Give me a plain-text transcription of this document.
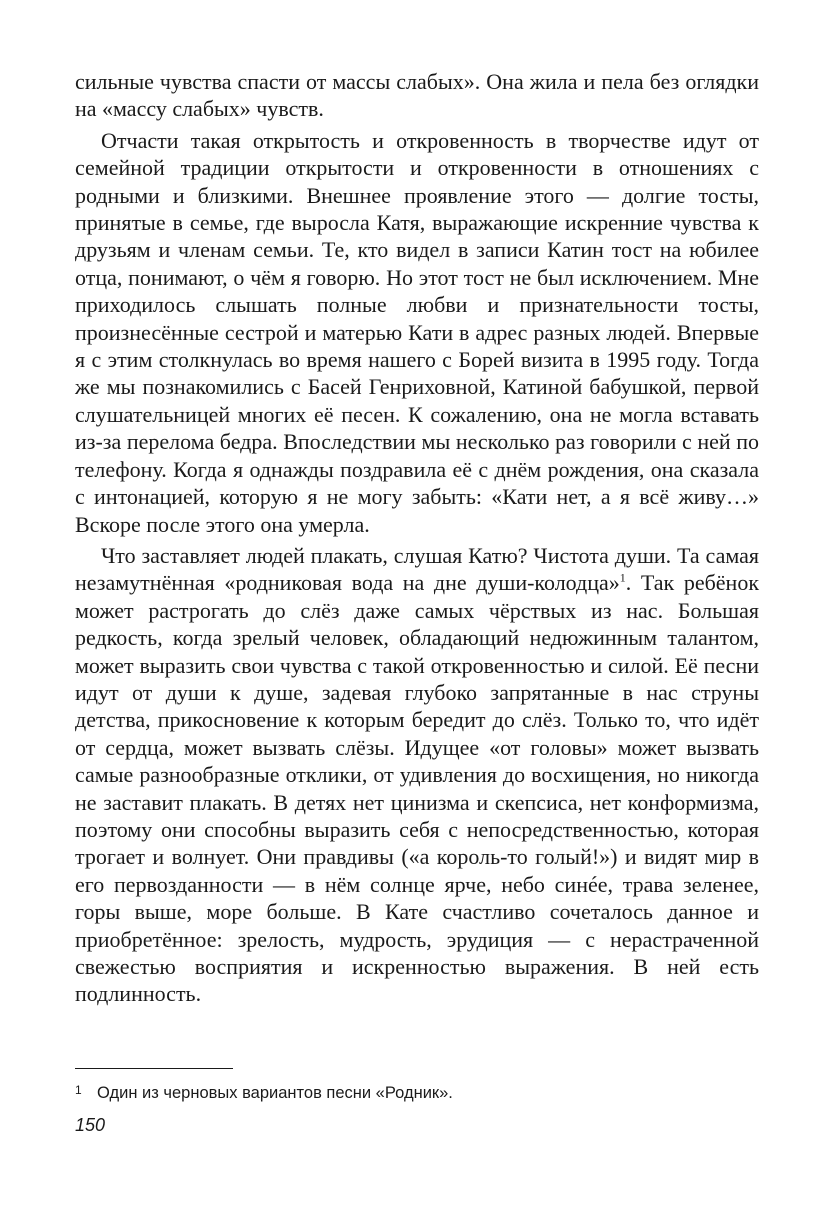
сильные чувства спасти от массы слабых». Она жила и пела без оглядки на «массу слабых» чувств.

Отчасти такая открытость и откровенность в творчестве идут от семейной традиции открытости и откровенности в отношениях с родными и близкими. Внешнее проявление этого — долгие тосты, принятые в семье, где выросла Катя, выражающие искренние чувства к друзьям и членам семьи. Те, кто видел в записи Катин тост на юбилее отца, понимают, о чём я говорю. Но этот тост не был исключением. Мне приходилось слышать полные любви и признательности тосты, произнесённые сестрой и матерью Кати в адрес разных людей. Впервые я с этим столкнулась во время нашего с Борей визита в 1995 году. Тогда же мы познакомились с Басей Генриховной, Катиной бабушкой, первой слушательницей многих её песен. К сожалению, она не могла вставать из-за перелома бедра. Впоследствии мы несколько раз говорили с ней по телефону. Когда я однажды поздравила её с днём рождения, она сказала с интонацией, которую я не могу забыть: «Кати нет, а я всё живу…» Вскоре после этого она умерла.

Что заставляет людей плакать, слушая Катю? Чистота души. Та самая незамутнённая «родниковая вода на дне души-колодца»$^1$. Так ребёнок может растрогать до слёз даже самых чёрствых из нас. Большая редкость, когда зрелый человек, обладающий недюжинным талантом, может выразить свои чувства с такой откровенностью и силой. Её песни идут от души к душе, задевая глубоко запрятанные в нас струны детства, прикосновение к которым бередит до слёз. Только то, что идёт от сердца, может вызвать слёзы. Идущее «от головы» может вызвать самые разнообразные отклики, от удивления до восхищения, но никогда не заставит плакать. В детях нет цинизма и скепсиса, нет конформизма, поэтому они способны выразить себя с непосредственностью, которая трогает и волнует. Они правдивы («а король-то голый!») и видят мир в его первозданности — в нём солнце ярче, небо синéе, трава зеленее, горы выше, море больше. В Кате счастливо сочеталось данное и приобретённое: зрелость, мудрость, эрудиция — с нерастраченной свежестью восприятия и искренностью выражения. В ней есть подлинность.

1 Один из черновых вариантов песни «Родник».
150
